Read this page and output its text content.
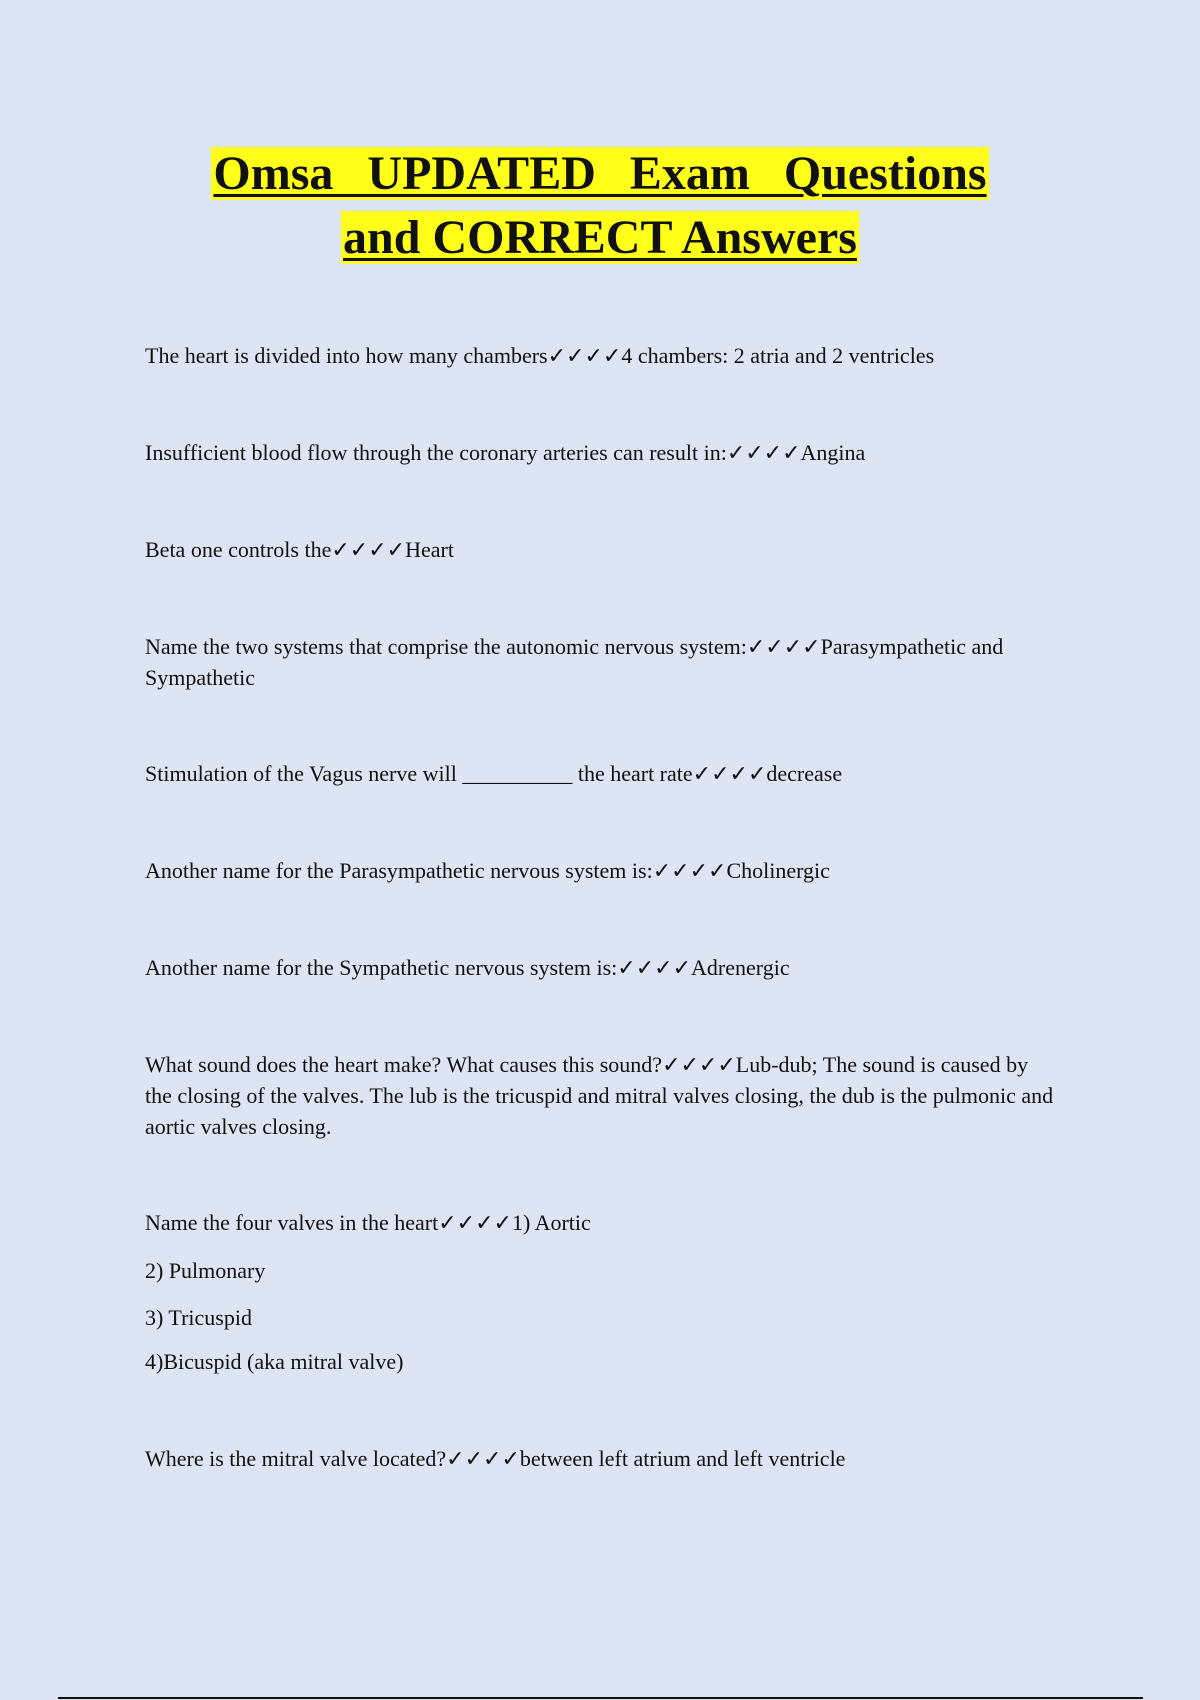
Omsa UPDATED Exam Questions
and CORRECT Answers

The heart is divided into how many chambers✓✓✓✓4 chambers: 2 atria and 2 ventricles

Insufficient blood flow through the coronary arteries can result in:✓✓✓✓Angina

Beta one controls the✓✓✓✓Heart

Name the two systems that comprise the autonomic nervous system:✓✓✓✓Parasympathetic and Sympathetic

Stimulation of the Vagus nerve will __________ the heart rate✓✓✓✓decrease

Another name for the Parasympathetic nervous system is:✓✓✓✓Cholinergic

Another name for the Sympathetic nervous system is:✓✓✓✓Adrenergic

What sound does the heart make? What causes this sound?✓✓✓✓Lub-dub; The sound is caused by the closing of the valves. The lub is the tricuspid and mitral valves closing, the dub is the pulmonic and aortic valves closing.

Name the four valves in the heart✓✓✓✓1) Aortic

2) Pulmonary

3) Tricuspid

4)Bicuspid (aka mitral valve)

Where is the mitral valve located?✓✓✓✓between left atrium and left ventricle
